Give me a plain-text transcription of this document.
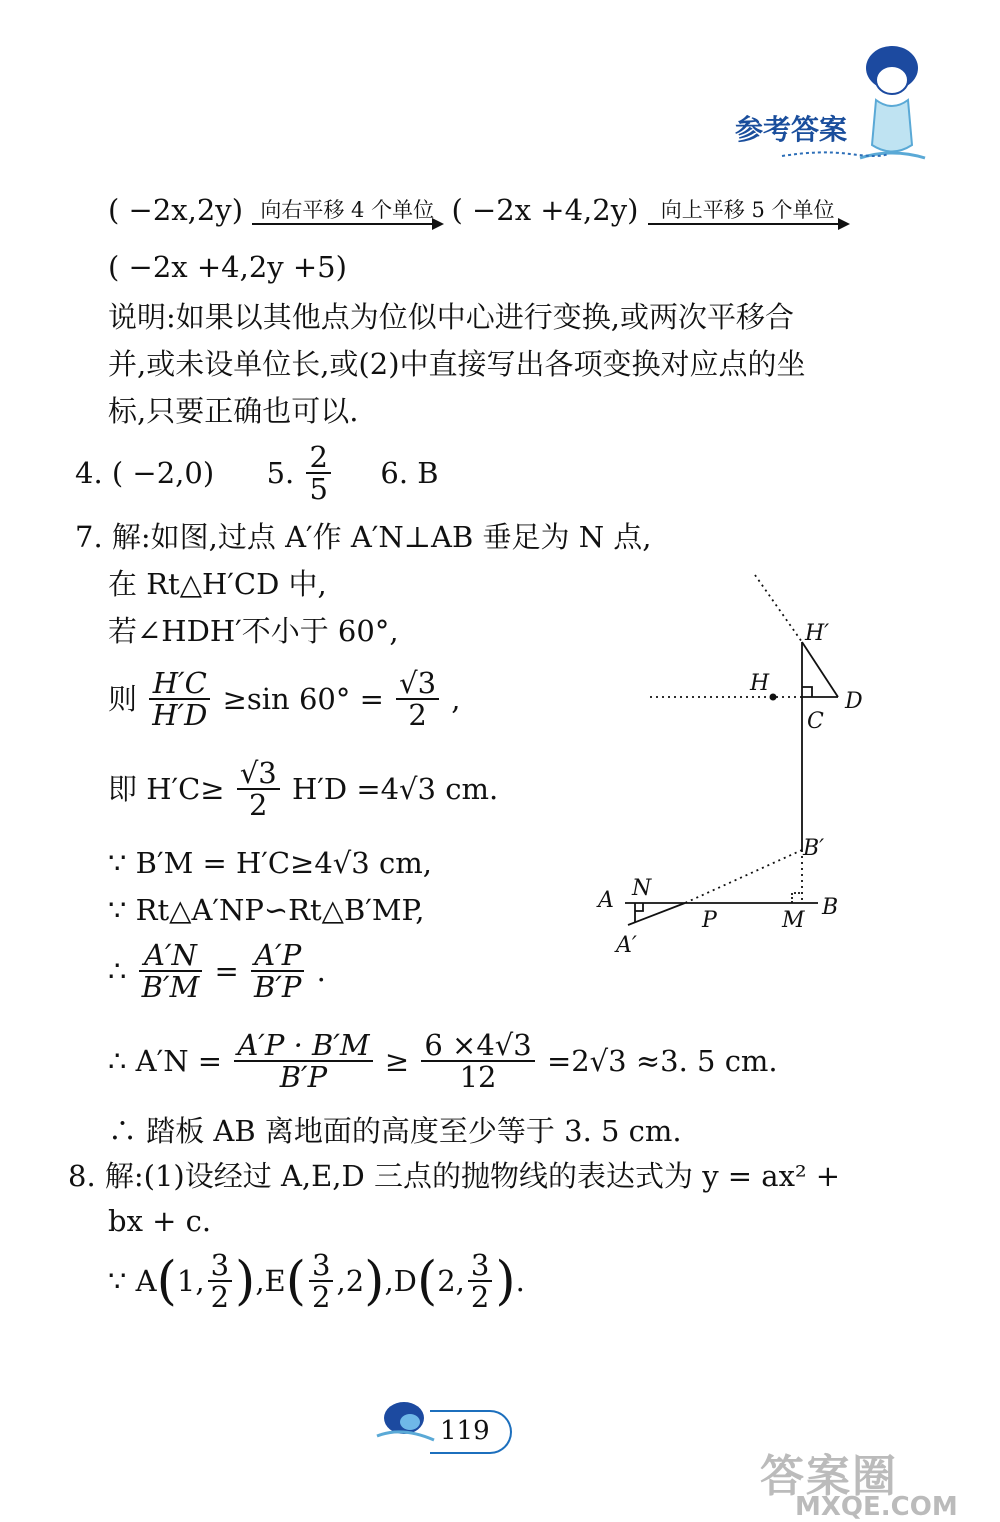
参考答案
( −2x,2y) 向右平移 4 个单位 ( −2x +4,2y)	向上平移 5 个单位
( −2x +4,2y +5)
说明:如果以其他点为位似中心进行变换,或两次平移合
并,或未设单位长,或(2)中直接写出各项变换对应点的坐
标,只要正确也可以.
4. ( −2,0) 5. $\frac{2}{5} 6$. B
7. 解:如图,过点 A′作 A′N⊥AB 垂足为 N 点,
在 Rt△H′CD 中,
若∠HDH′不小于 60°,
则 $\frac{H'C}{H'D} \ge\sin$ $60^\circ = \frac{√3}{2}$ ,
即 $H'C\ge \frac{√3}{2} H'D =4√3$ cm.
∵ B′M = H′C≥4√3 cm,
∵ Rt△A′NP∽Rt△B′MP,
∴ $\frac{A'N}{B'M} = \frac{A'P}{B'P}$ .
∴ $A'N = \frac{A'P \cdot B'M}{B'P} \ge \frac{6 \times 4√3}{12} =2√3 \approx 3$. 5 cm.
∴ 踏板 AB 离地面的高度至少等于 3. 5 cm.
8. 解:(1)设经过 A,E,D 三点的抛物线的表达式为 y = ax² +
bx + c.
∵ A(1, $\frac{3}{2} ),E( \frac{3}{2} ,2),D(2$, $\frac{3}{2}$ ).
H′
H
C
D
B′
A N
P	M
B
A′
119
答案圈
MXQE.COM
